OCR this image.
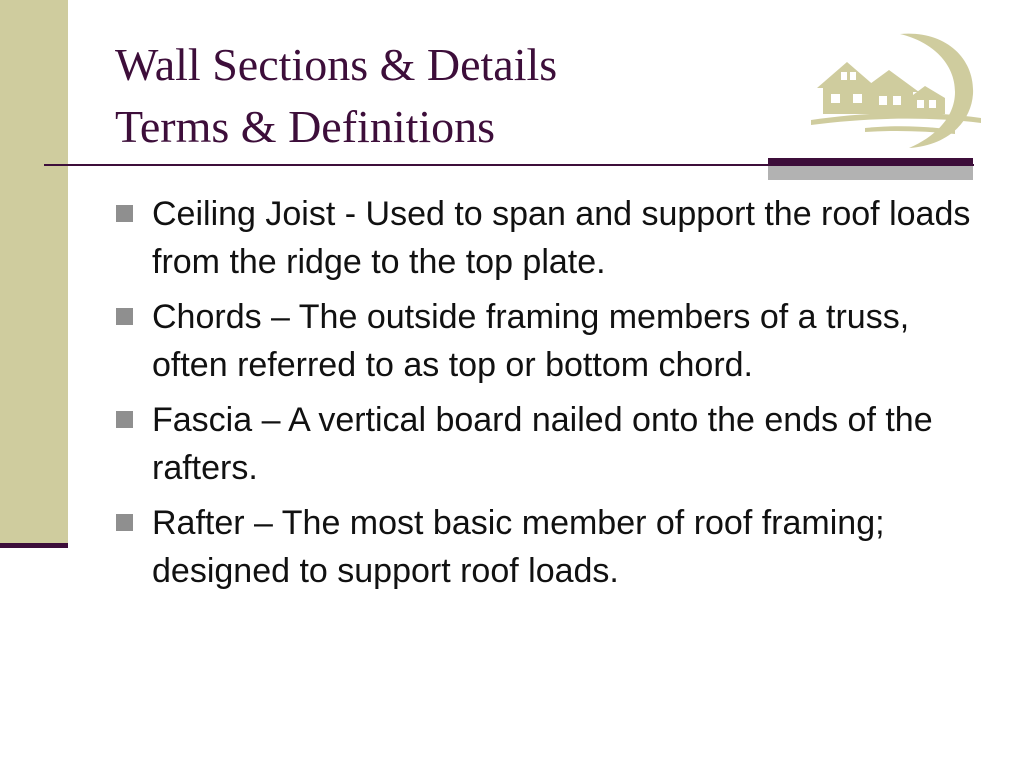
Wall Sections & Details
Terms & Definitions
Ceiling Joist - Used to span and support the roof loads from the ridge to the top plate.
Chords – The outside framing members of a truss, often referred to as top or bottom chord.
Fascia – A vertical board nailed onto the ends of the rafters.
Rafter – The most basic member of roof framing; designed to support roof loads.
